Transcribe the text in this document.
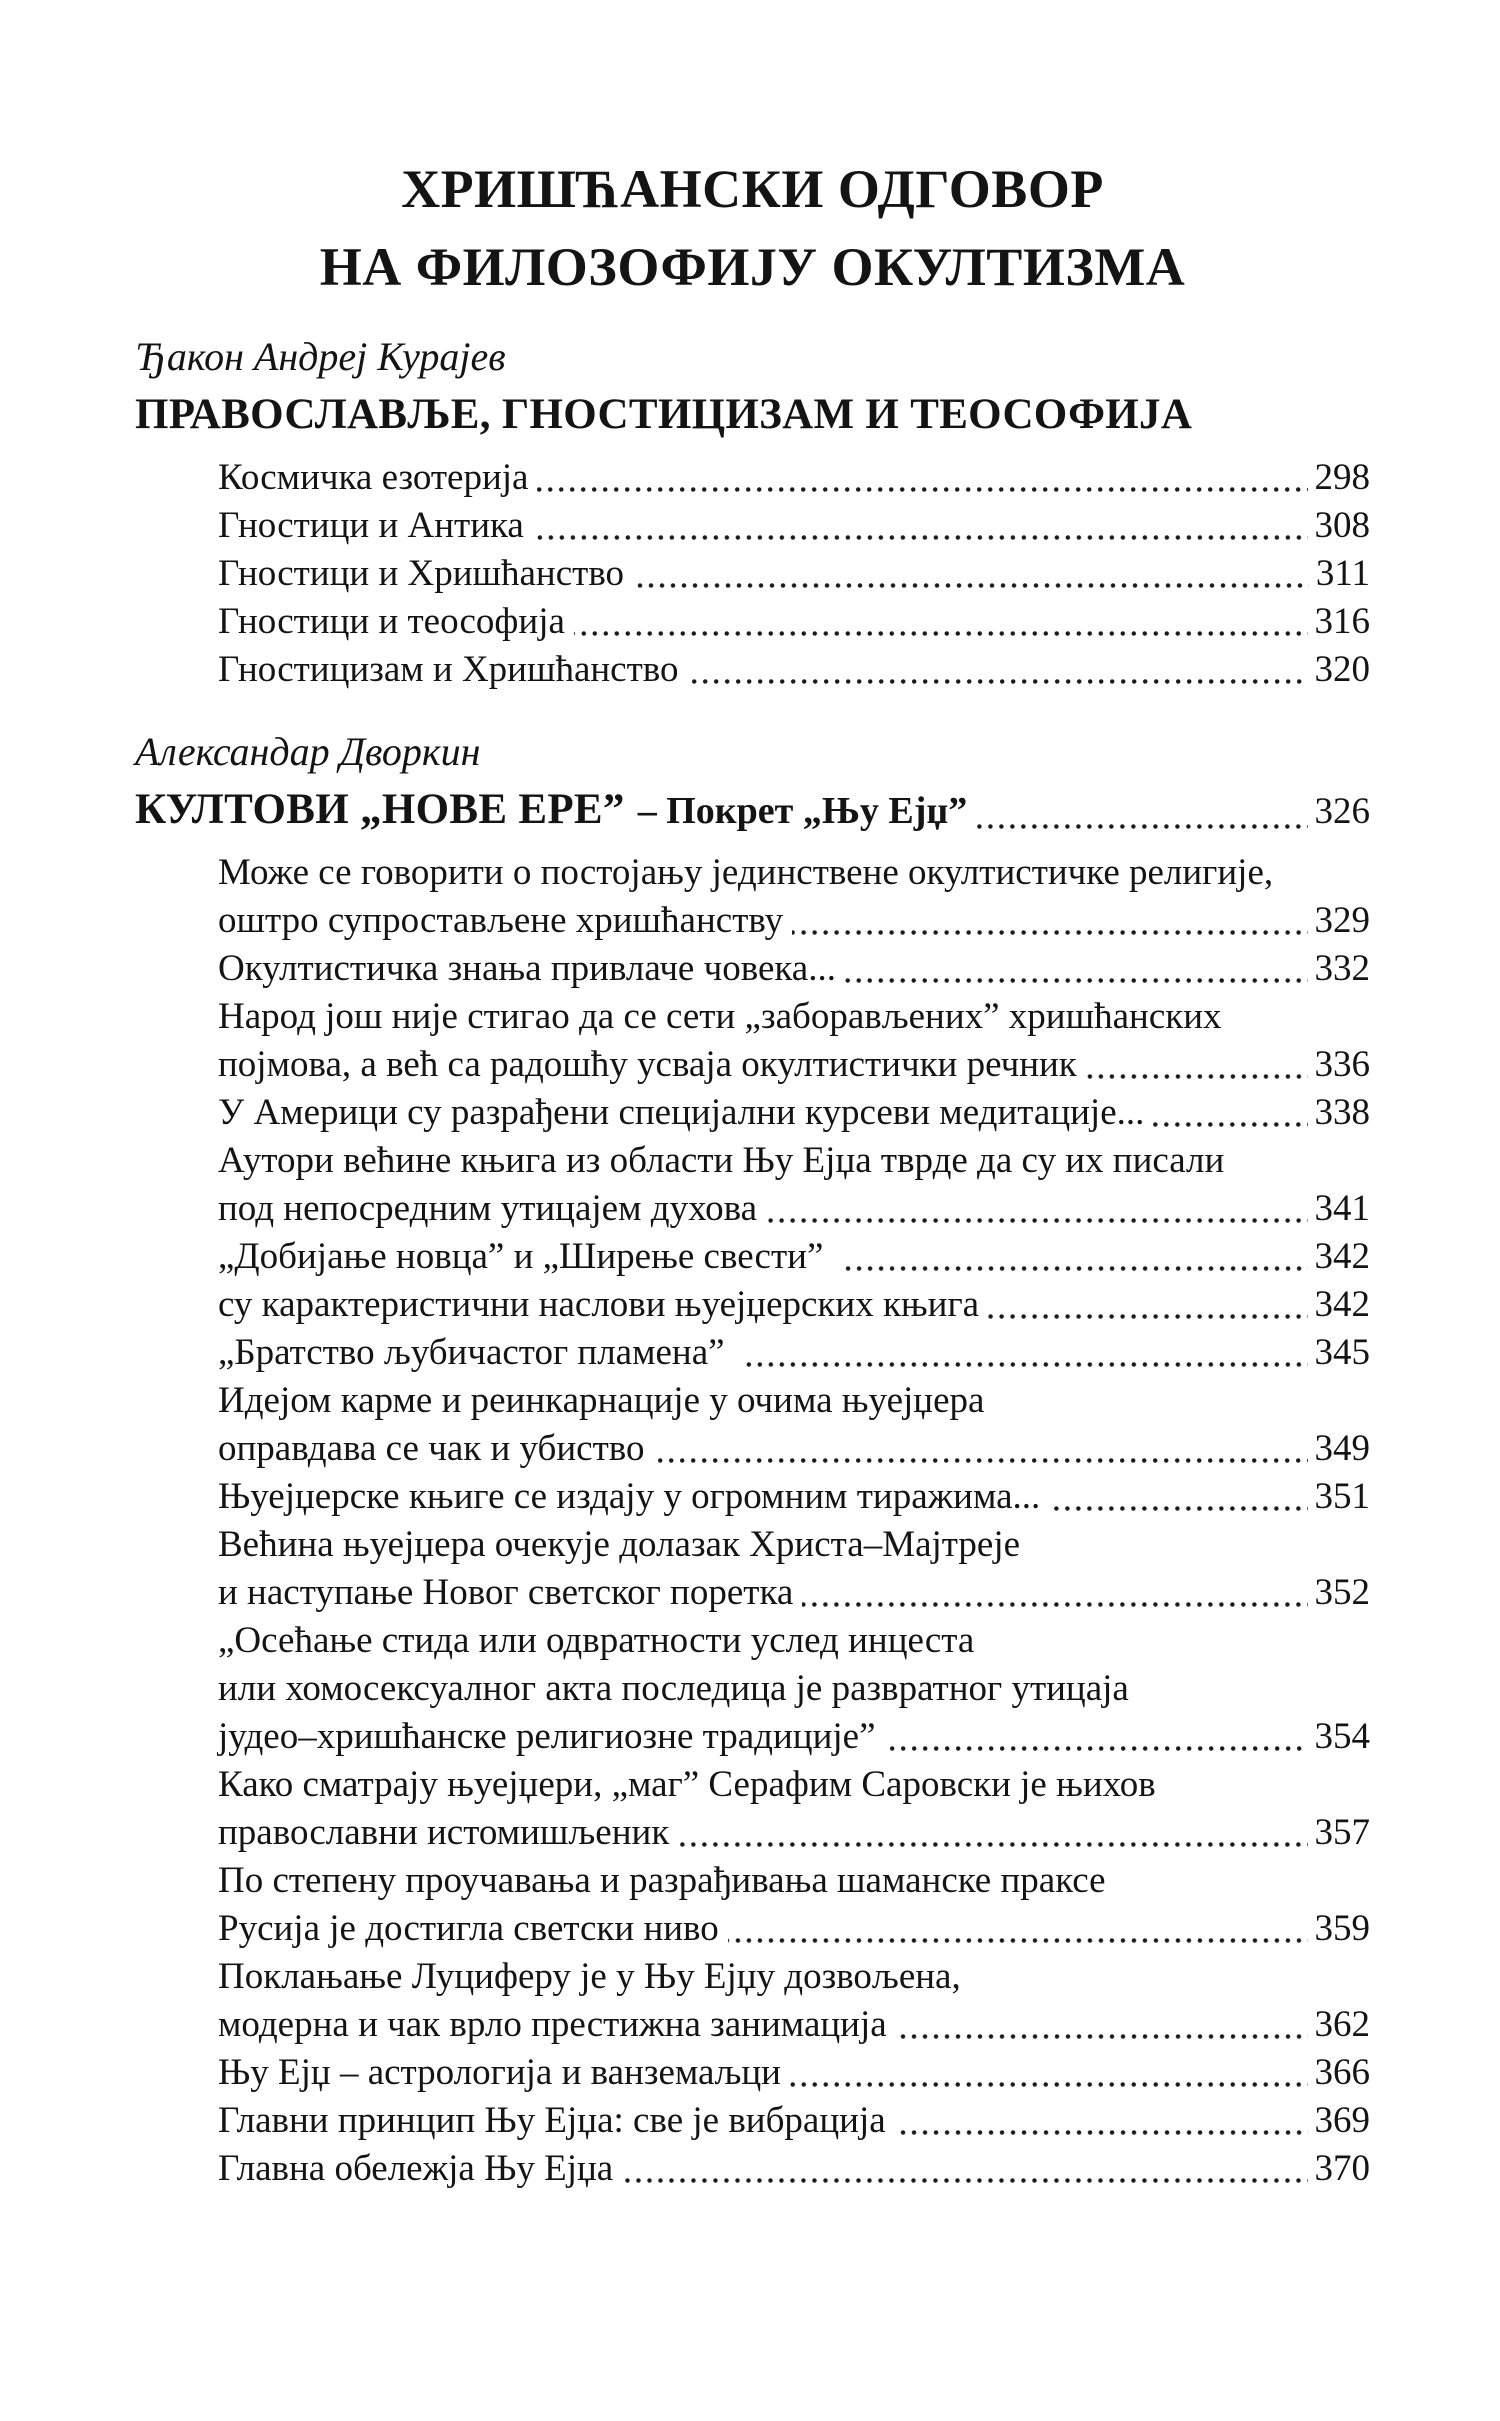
ХРИШЋАНСКИ ОДГОВОР
НА ФИЛОЗОФИЈУ ОКУЛТИЗМА
Ђакон Андреј Курајев
ПРАВОСЛАВЉЕ, ГНОСТИЦИЗАМ И ТЕОСОФИЈА
Космичка езотерија	298
Гностици и Антика	308
Гностици и Хришћанство	311
Гностици и теософија	316
Гностицизам и Хришћанство	320
Александар Дворкин
КУЛТОВИ „НОВЕ ЕРЕ” – Покрет „Њу Ејџ”	326
Може се говорити о постојању јединствене окултистичке религије,
оштро супростављене хришћанству	329
Окултистичка знања привлаче човека...	332
Народ још није стигао да се сети „заборављених” хришћанских
појмова, а већ са радошћу усваја окултистички речник	336
У Америци су разрађени специјални курсеви медитације...	338
Аутори већине књига из области Њу Ејџа тврде да су их писали
под непосредним утицајем духова	341
„Добијање новца” и „Ширење свести”	342
су карактеристични наслови њуејџерских књига	342
„Братство љубичастог пламена”	345
Идејом карме и реинкарнације у очима њуејџера
оправдава се чак и убиство	349
Њуејџерске књиге се издају у огромним тиражима...	351
Већина њуејџера очекује долазак Христа–Мајтреје
и наступање Новог светског поретка	352
„Осећање стида или одвратности услед инцеста
или хомосексуалног акта последица је развратног утицаја
јудео–хришћанске религиозне традиције”	354
Како сматрају њуејџери, „маг” Серафим Саровски је њихов
православни истомишљеник	357
По степену проучавања и разрађивања шаманске праксе
Русија је достигла светски ниво	359
Поклањање Луциферу је у Њу Ејџу дозвољена,
модерна и чак врло престижна занимација	362
Њу Ејџ – астрологија и ванземаљци	366
Главни принцип Њу Ејџа: све је вибрација	369
Главна обележја Њу Ејџа	370
